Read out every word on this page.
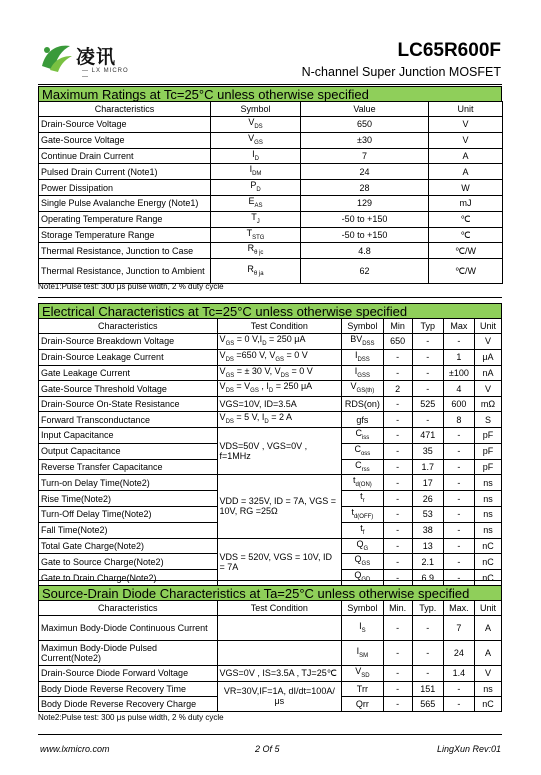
凌讯
— LX MICRO —
LC65R600F
N-channel Super Junction MOSFET
Maximum Ratings at Tc=25°C unless otherwise specified
Characteristics	Symbol	Value	Unit
Drain-Source Voltage	$V_{DS}$	650	V
Gate-Source Voltage	$V_{GS}$	±30	V
Continue Drain Current	$I_D$	7	A
Pulsed Drain Current (Note1)	$I_{DM}$	24	A
Power Dissipation	$P_D$	28	W
Single Pulse Avalanche Energy (Note1)	$E_{AS}$	129	mJ
Operating Temperature Range	$T_J$	-50 to +150	℃
Storage Temperature Range	$T_{STG}$	-50 to +150	℃
Thermal Resistance, Junction to Case	$R_{\theta jc}$	4.8	℃/W
Thermal Resistance, Junction to Ambient	$R_{\theta ja}$	62	℃/W
Note1:Pulse test: 300 μs pulse width, 2 % duty cycle
Electrical Characteristics at Tc=25°C unless otherwise specified
Characteristics	Test Condition	Symbol	Min	Typ	Max	Unit
Drain-Source Breakdown Voltage	$V_{GS} = 0$ $V,I_D = 250$ μA	$BV_{DSS}$	650	-	-	V
Drain-Source Leakage Current	$V_{DS} =650$ V, $V_{GS} = 0$ V	$I_{DSS}$	-	-	1	μA
Gate Leakage Current	$V_{GS}$ = ± 30 V, $V_{DS} = 0$ V	$I_{GSS}$	-	-	±100	nA
Gate-Source Threshold Voltage	$V_{DS} = V_{GS}$ , $I_D = 250$ μA	$V_{GS(th)}$	2	-	4	V
Drain-Source On-State Resistance	VGS=10V, ID=3.5A	RDS(on)	-	525	600	mΩ
Forward Transconductance	$V_{DS} = 5$ V, $I_D = 2$ A	gfs	-	-	8	S
Input Capacitance	VDS=50V , VGS=0V , f=1MHz	$C_{iss}$	-	471	-	pF
Output Capacitance		$C_{oss}$	-	35	-	pF
Reverse Transfer Capacitance		$C_{rss}$	-	1.7	-	pF
Turn-on Delay Time(Note2)	VDD = 325V, ID = 7A, VGS = 10V, RG =25Ω	$t_{d(ON)}$	-	17	-	ns
Rise Time(Note2)		$t_r$	-	26	-	ns
Turn-Off Delay Time(Note2)		$t_{d(OFF)}$	-	53	-	ns
Fall Time(Note2)		$t_f$	-	38	-	ns
Total Gate Charge(Note2)	VDS = 520V, VGS = 10V, ID = 7A	$Q_G$	-	13	-	nC
Gate to Source Charge(Note2)		$Q_{GS}$	-	2.1	-	nC
Gate to Drain Charge(Note2)		$Q_{GD}$	-	6.9	-	nC
Source-Drain Diode Characteristics at Ta=25°C unless otherwise specified
Characteristics	Test Condition	Symbol	Min.	Typ.	Max.	Unit
Maximun Body-Diode Continuous Current		$I_S$	-	-	7	A
Maximun Body-Diode Pulsed Current(Note2)		$I_{SM}$	-	-	24	A
Drain-Source Diode Forward Voltage	VGS=0V , IS=3.5A , TJ=25℃	$V_{SD}$	-	-	1.4	V
Body Diode Reverse Recovery Time	VR=30V,IF=1A, dI/dt=100A/μs	Trr	-	151	-	ns
Body Diode Reverse Recovery Charge		Qrr	-	565	-	nC
Note2:Pulse test: 300 μs pulse width, 2 % duty cycle
www.lxmicro.com	2 Of 5	LingXun Rev:01
